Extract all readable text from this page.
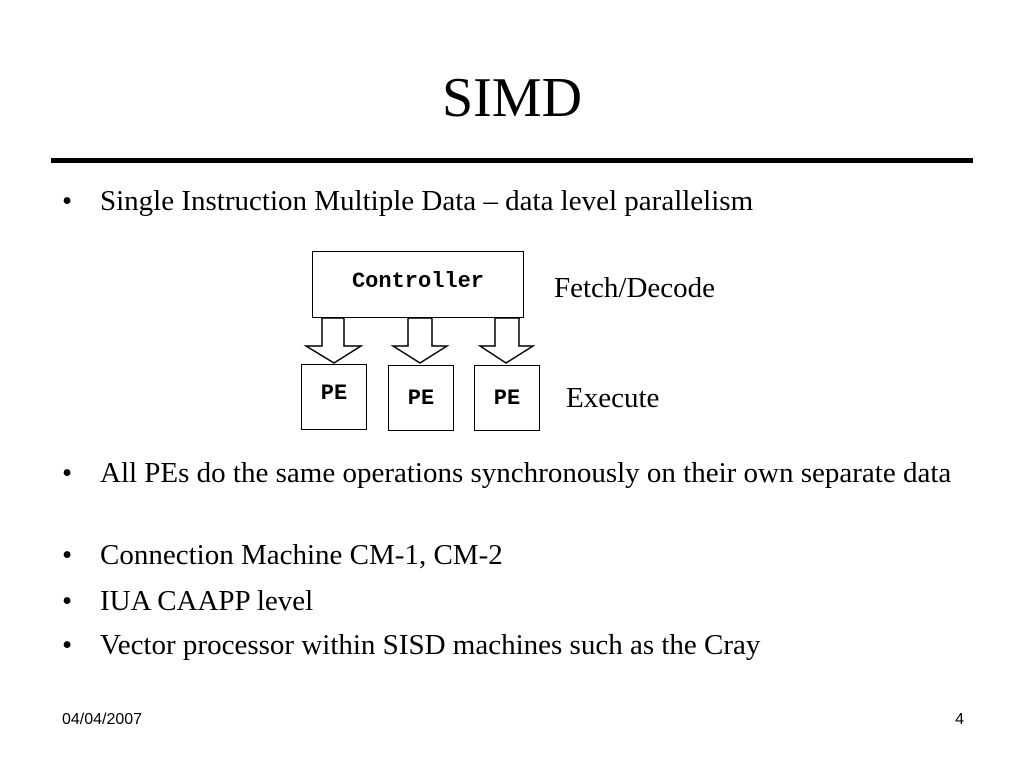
SIMD
• Single Instruction Multiple Data – data level parallelism
• All PEs do the same operations synchronously on their own separate data
• Connection Machine CM-1, CM-2
• IUA CAAPP level
• Vector processor within SISD machines such as the Cray
Controller
PE	PE	PE
Fetch/Decode
Execute
04/04/2007	4
